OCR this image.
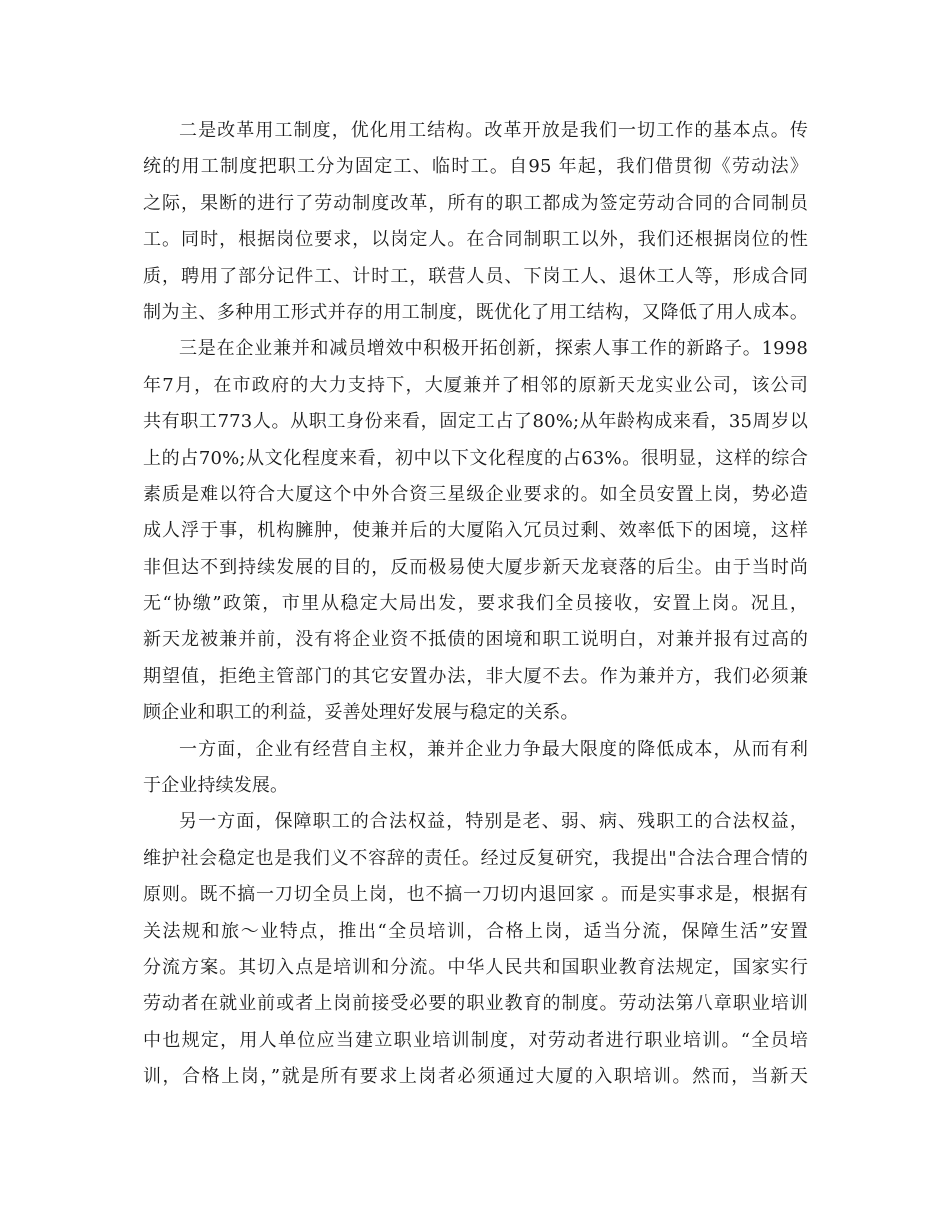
二是改革用工制度，优化用工结构。改革开放是我们一切工作的基本点。传
统的用工制度把职工分为固定工、临时工。自95 年起，我们借贯彻《劳动法》
之际，果断的进行了劳动制度改革，所有的职工都成为签定劳动合同的合同制员
工。同时，根据岗位要求，以岗定人。在合同制职工以外，我们还根据岗位的性
质，聘用了部分记件工、计时工，联营人员、下岗工人、退休工人等，形成合同
制为主、多种用工形式并存的用工制度，既优化了用工结构，又降低了用人成本。
三是在企业兼并和减员增效中积极开拓创新，探索人事工作的新路子。1998
年7月，在市政府的大力支持下，大厦兼并了相邻的原新天龙实业公司，该公司
共有职工773人。从职工身份来看，固定工占了80%;从年龄构成来看，35周岁以
上的占70%;从文化程度来看，初中以下文化程度的占63%。很明显，这样的综合
素质是难以符合大厦这个中外合资三星级企业要求的。如全员安置上岗，势必造
成人浮于事，机构臃肿，使兼并后的大厦陷入冗员过剩、效率低下的困境，这样
非但达不到持续发展的目的，反而极易使大厦步新天龙衰落的后尘。由于当时尚
无“协缴”政策，市里从稳定大局出发，要求我们全员接收，安置上岗。况且，
新天龙被兼并前，没有将企业资不抵债的困境和职工说明白，对兼并报有过高的
期望值，拒绝主管部门的其它安置办法，非大厦不去。作为兼并方，我们必须兼
顾企业和职工的利益，妥善处理好发展与稳定的关系。
一方面，企业有经营自主权，兼并企业力争最大限度的降低成本，从而有利
于企业持续发展。
另一方面，保障职工的合法权益，特别是老、弱、病、残职工的合法权益，
维护社会稳定也是我们义不容辞的责任。经过反复研究，我提出"合法合理合情的
原则。既不搞一刀切全员上岗，也不搞一刀切内退回家 。而是实事求是，根据有
关法规和旅～业特点，推出“全员培训，合格上岗，适当分流，保障生活”安置
分流方案。其切入点是培训和分流。中华人民共和国职业教育法规定，国家实行
劳动者在就业前或者上岗前接受必要的职业教育的制度。劳动法第八章职业培训
中也规定，用人单位应当建立职业培训制度，对劳动者进行职业培训。“全员培
训，合格上岗，”就是所有要求上岗者必须通过大厦的入职培训。然而，当新天
